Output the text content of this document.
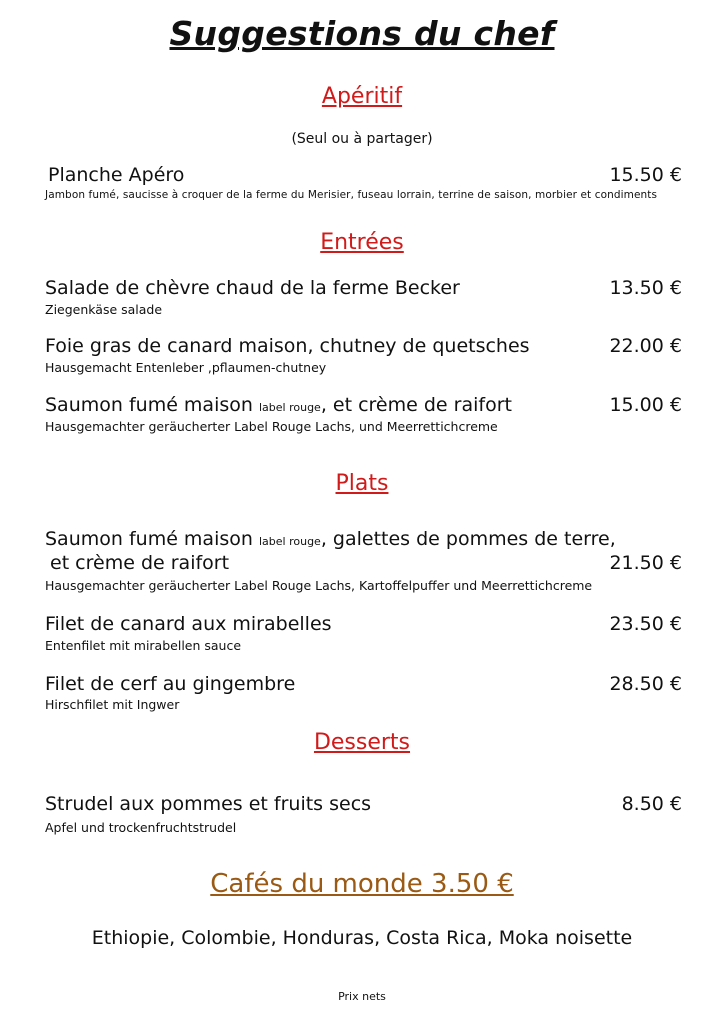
Suggestions du chef
Apéritif
(Seul ou à partager)
Planche Apéro	15.50 €
Jambon fumé, saucisse à croquer de la ferme du Merisier, fuseau lorrain, terrine de saison, morbier et condiments
Entrées
Salade de chèvre chaud de la ferme Becker	13.50 €
Ziegenkäse salade
Foie gras de canard maison, chutney de quetsches	22.00 €
Hausgemacht Entenleber ,pflaumen-chutney
Saumon fumé maison label rouge, et crème de raifort	15.00 €
Hausgemachter geräucherter Label Rouge Lachs, und Meerrettichcreme
Plats
Saumon fumé maison label rouge, galettes de pommes de terre,
et crème de raifort	21.50 €
Hausgemachter geräucherter Label Rouge Lachs, Kartoffelpuffer und Meerrettichcreme
Filet de canard aux mirabelles	23.50 €
Entenfilet mit mirabellen sauce
Filet de cerf au gingembre	28.50 €
Hirschfilet mit Ingwer
Desserts
Strudel aux pommes et fruits secs	8.50 €
Apfel und trockenfruchtstrudel
Cafés du monde 3.50 €
Ethiopie, Colombie, Honduras, Costa Rica, Moka noisette
Prix nets
